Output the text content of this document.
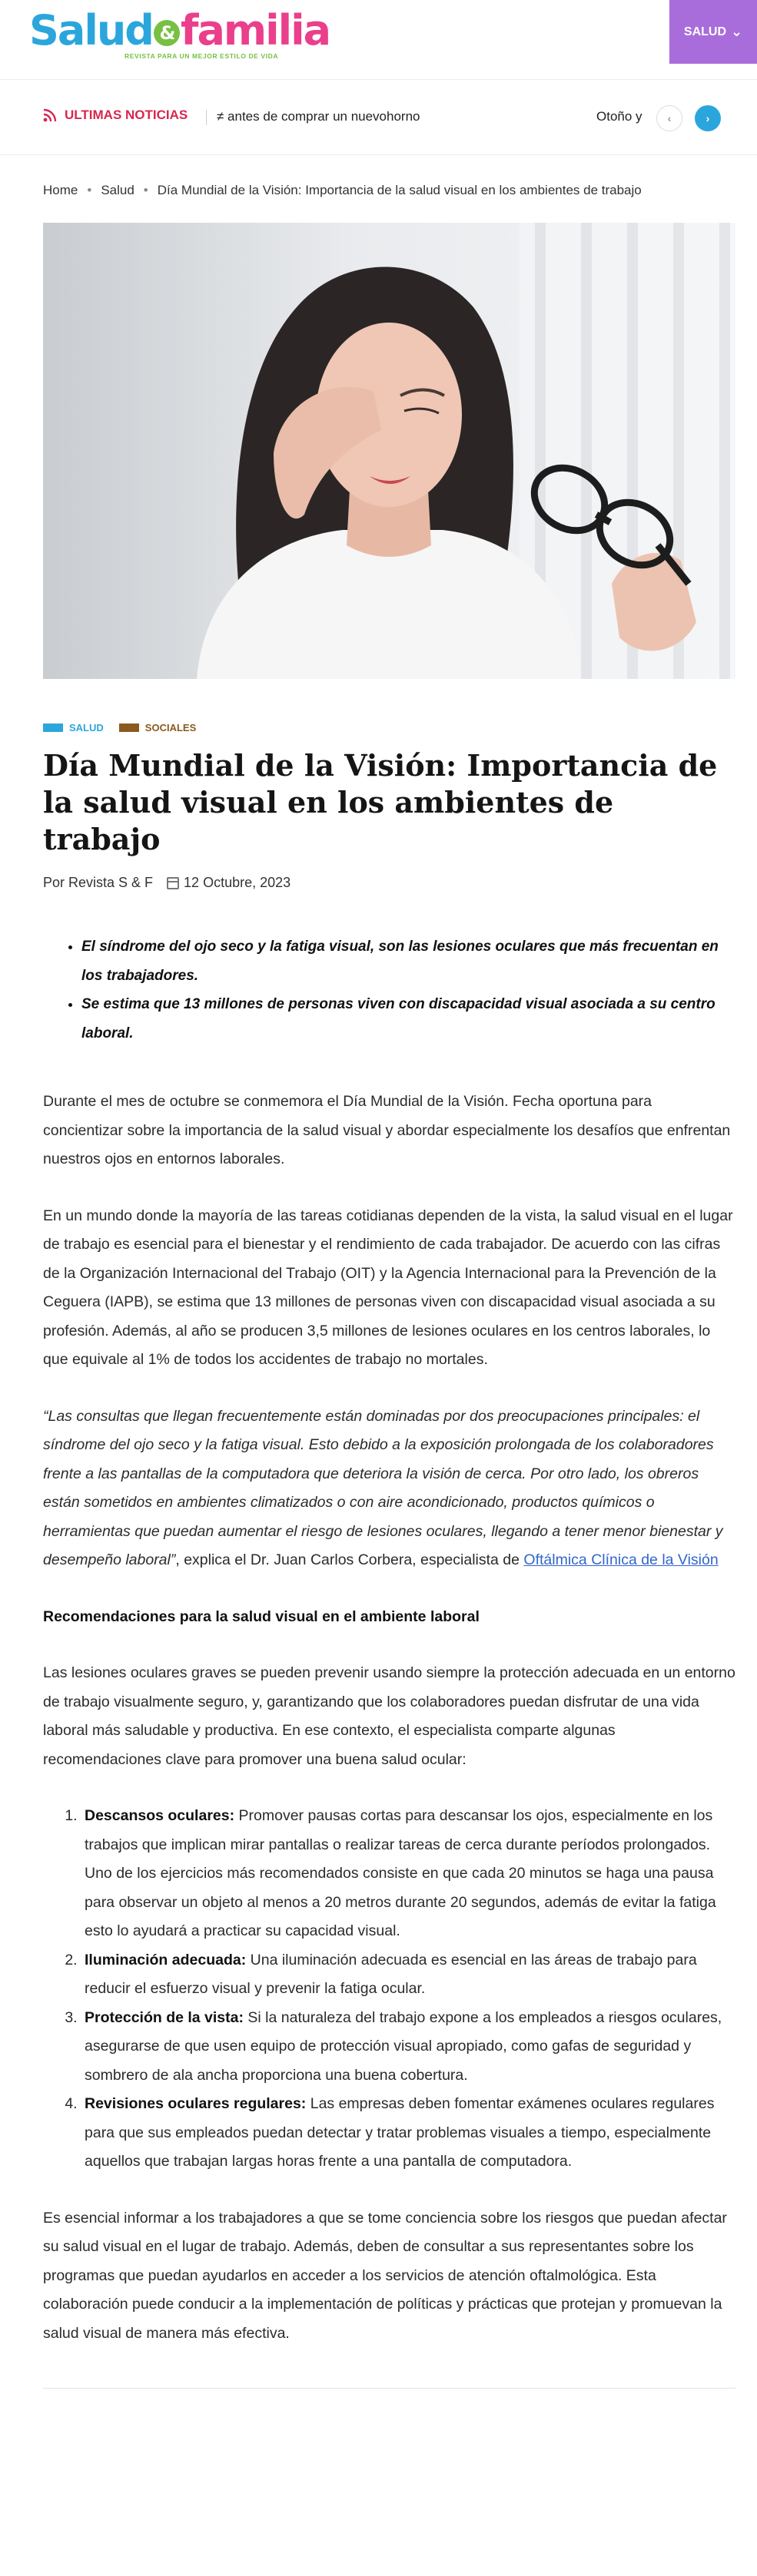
Salud & familia
REVISTA PARA UN MEJOR ESTILO DE VIDA
SALUD ⌄
ULTIMAS NOTICIAS ≠ antes de comprar un nuevohorno	Otoño y ‹	›
Home • Salud • Día Mundial de la Visión: Importancia de la salud visual en los ambientes de trabajo
SALUD	SOCIALES
Día Mundial de la Visión: Importancia de la salud visual en los ambientes de trabajo
Por Revista S & F 12 Octubre, 2023
• El síndrome del ojo seco y la fatiga visual, son las lesiones oculares que más frecuentan en los trabajadores.
• Se estima que 13 millones de personas viven con discapacidad visual asociada a su centro laboral.

Durante el mes de octubre se conmemora el Día Mundial de la Visión. Fecha oportuna para concientizar sobre la importancia de la salud visual y abordar especialmente los desafíos que enfrentan nuestros ojos en entornos laborales.

En un mundo donde la mayoría de las tareas cotidianas dependen de la vista, la salud visual en el lugar de trabajo es esencial para el bienestar y el rendimiento de cada trabajador. De acuerdo con las cifras de la Organización Internacional del Trabajo (OIT) y la Agencia Internacional para la Prevención de la Ceguera (IAPB), se estima que 13 millones de personas viven con discapacidad visual asociada a su profesión. Además, al año se producen 3,5 millones de lesiones oculares en los centros laborales, lo que equivale al 1% de todos los accidentes de trabajo no mortales.

“Las consultas que llegan frecuentemente están dominadas por dos preocupaciones principales: el síndrome del ojo seco y la fatiga visual. Esto debido a la exposición prolongada de los colaboradores frente a las pantallas de la computadora que deteriora la visión de cerca. Por otro lado, los obreros están sometidos en ambientes climatizados o con aire acondicionado, productos químicos o herramientas que puedan aumentar el riesgo de lesiones oculares, llegando a tener menor bienestar y desempeño laboral”, explica el Dr. Juan Carlos Corbera, especialista de Oftálmica Clínica de la Visión

Recomendaciones para la salud visual en el ambiente laboral

Las lesiones oculares graves se pueden prevenir usando siempre la protección adecuada en un entorno de trabajo visualmente seguro, y, garantizando que los colaboradores puedan disfrutar de una vida laboral más saludable y productiva. En ese contexto, el especialista comparte algunas recomendaciones clave para promover una buena salud ocular:

1. Descansos oculares: Promover pausas cortas para descansar los ojos, especialmente en los trabajos que implican mirar pantallas o realizar tareas de cerca durante períodos prolongados. Uno de los ejercicios más recomendados consiste en que cada 20 minutos se haga una pausa para observar un objeto al menos a 20 metros durante 20 segundos, además de evitar la fatiga esto lo ayudará a practicar su capacidad visual.
2. Iluminación adecuada: Una iluminación adecuada es esencial en las áreas de trabajo para reducir el esfuerzo visual y prevenir la fatiga ocular.
3. Protección de la vista: Si la naturaleza del trabajo expone a los empleados a riesgos oculares, asegurarse de que usen equipo de protección visual apropiado, como gafas de seguridad y sombrero de ala ancha proporciona una buena cobertura.
4. Revisiones oculares regulares: Las empresas deben fomentar exámenes oculares regulares para que sus empleados puedan detectar y tratar problemas visuales a tiempo, especialmente aquellos que trabajan largas horas frente a una pantalla de computadora.

Es esencial informar a los trabajadores a que se tome conciencia sobre los riesgos que puedan afectar su salud visual en el lugar de trabajo. Además, deben de consultar a sus representantes sobre los programas que puedan ayudarlos en acceder a los servicios de atención oftalmológica. Esta colaboración puede conducir a la implementación de políticas y prácticas que protejan y promuevan la salud visual de manera más efectiva.
